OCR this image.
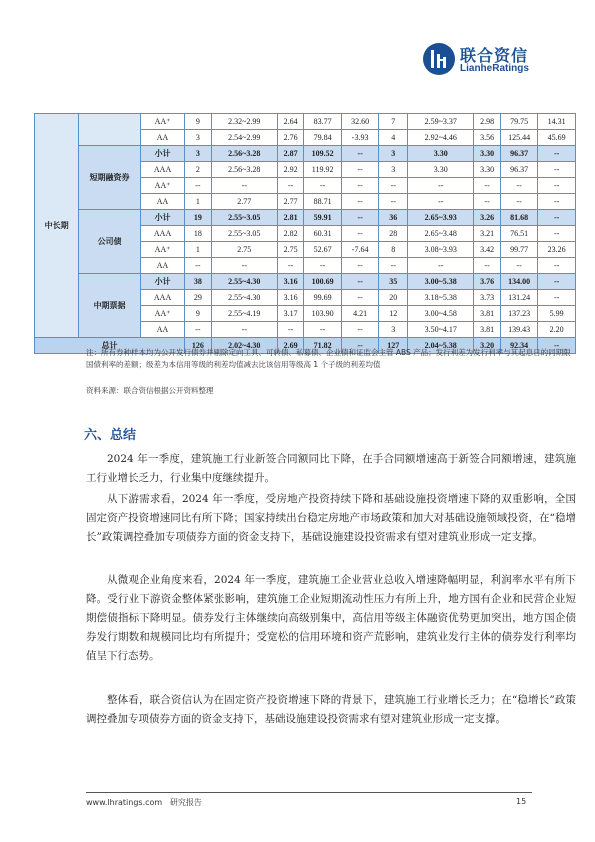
联合资信
LianheRatings
中长期		AA⁺	9	2.32~2.99	2.64	83.77	32.60	7	2.59~3.37	2.98	79.75	14.31
		AA	3	2.54~2.99	2.76	79.84	-3.93	4	2.92~4.46	3.56	125.44	45.69
	短期融资券	小计	3	2.56~3.28	2.87	109.52	--	3	3.30	3.30	96.37	--
		AAA	2	2.56~3.28	2.92	119.92	--	3	3.30	3.30	96.37	--
		AA⁺	--	--	--	--	--	--	--	--	--	--
		AA	1	2.77	2.77	88.71	--	--	--	--	--	--
	公司债	小计	19	2.55~3.05	2.81	59.91	--	36	2.65~3.93	3.26	81.68	--
		AAA	18	2.55~3.05	2.82	60.31	--	28	2.65~3.48	3.21	76.51	--
		AA⁺	1	2.75	2.75	52.67	-7.64	8	3.08~3.93	3.42	99.77	23.26
		AA	--	--	--	--	--	--	--	--	--	--
	中期票据	小计	38	2.55~4.30	3.16	100.69	--	35	3.00~5.38	3.76	134.00	--
		AAA	29	2.55~4.30	3.16	99.69	--	20	3.18~5.38	3.73	131.24	--
		AA⁺	9	2.55~4.19	3.17	103.90	4.21	12	3.00~4.58	3.81	137.23	5.99
		AA	--	--	--	--	--	3	3.50~4.17	3.81	139.43	2.20
总计			126	2.02~4.30	2.69	71.82	--	127	2.04~5.38	3.20	92.34	--
注：所有券种样本均为公开发行债券并剔除定向工具、可转债、私募债、企业债和证监会主管 ABS 产品；发行利差为发行利率与其起息日的同期限国债利率的差额；级差为本信用等级的利差均值减去比该信用等级高 1 个子级的利差均值
资料来源：联合资信根据公开资料整理
六、总结
2024 年一季度，建筑施工行业新签合同额同比下降，在手合同额增速高于新签合同额增速，建筑施工行业增长乏力，行业集中度继续提升。
从下游需求看，2024 年一季度，受房地产投资持续下降和基础设施投资增速下降的双重影响，全国固定资产投资增速同比有所下降；国家持续出台稳定房地产市场政策和加大对基础设施领域投资，在“稳增长”政策调控叠加专项债券方面的资金支持下，基础设施建设投资需求有望对建筑业形成一定支撑。
从微观企业角度来看，2024 年一季度，建筑施工企业营业总收入增速降幅明显，利润率水平有所下降。受行业下游资金整体紧张影响，建筑施工企业短期流动性压力有所上升，地方国有企业和民营企业短期偿债指标下降明显。债券发行主体继续向高级别集中，高信用等级主体融资优势更加突出，地方国企债券发行期数和规模同比均有所提升；受宽松的信用环境和资产荒影响，建筑业发行主体的债券发行利率均值呈下行态势。
整体看，联合资信认为在固定资产投资增速下降的背景下，建筑施工行业增长乏力；在“稳增长”政策调控叠加专项债券方面的资金支持下，基础设施建设投资需求有望对建筑业形成一定支撑。
www.lhratings.com 研究报告	15
